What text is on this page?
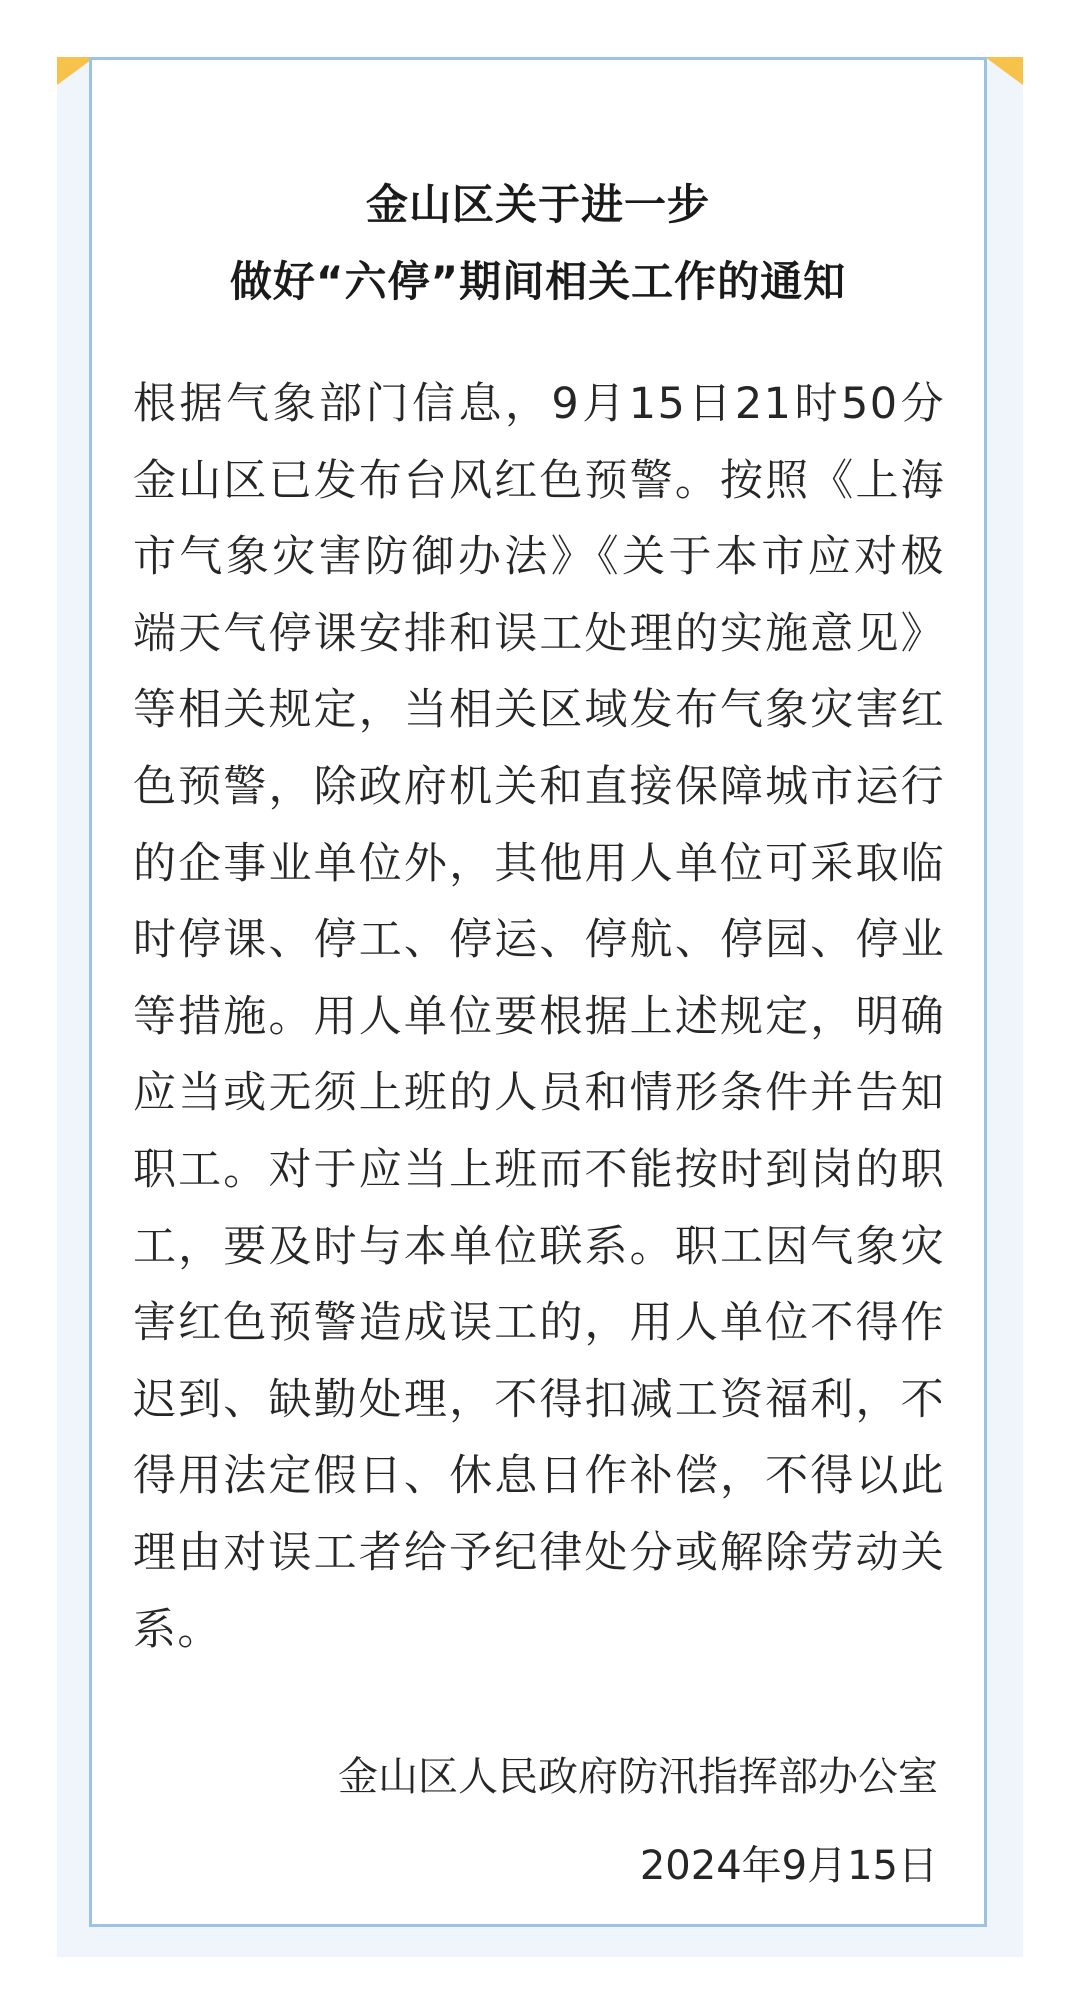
金山区关于进一步
做好“六停”期间相关工作的通知
根据气象部门信息，9月15日21时50分金山区已发布台风红色预警。按照《上海市气象灾害防御办法》《关于本市应对极端天气停课安排和误工处理的实施意见》等相关规定，当相关区域发布气象灾害红色预警，除政府机关和直接保障城市运行的企事业单位外，其他用人单位可采取临时停课、停工、停运、停航、停园、停业等措施。用人单位要根据上述规定，明确应当或无须上班的人员和情形条件并告知职工。对于应当上班而不能按时到岗的职工，要及时与本单位联系。职工因气象灾害红色预警造成误工的，用人单位不得作迟到、缺勤处理，不得扣减工资福利，不得用法定假日、休息日作补偿，不得以此理由对误工者给予纪律处分或解除劳动关系。
金山区人民政府防汛指挥部办公室
2024年9月15日
